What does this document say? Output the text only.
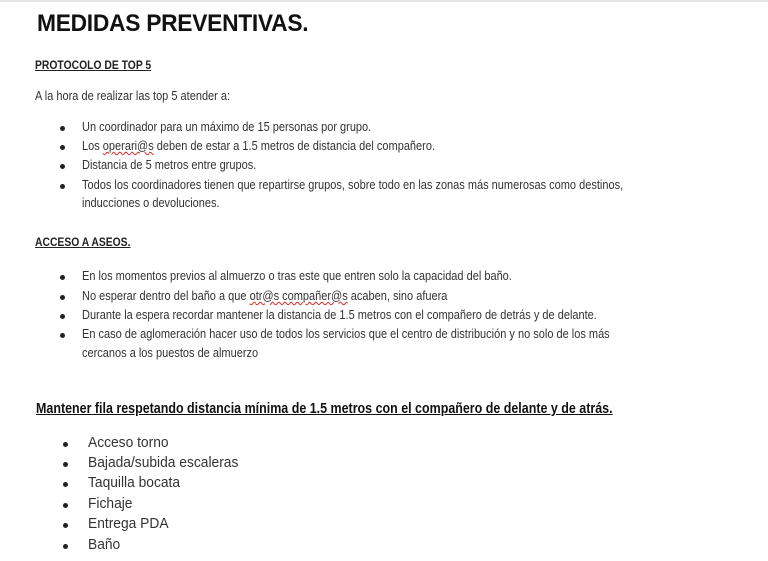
MEDIDAS PREVENTIVAS.
PROTOCOLO DE TOP 5
A la hora de realizar las top 5 atender a:
Un coordinador para un máximo de 15 personas por grupo.
Los operari@s deben de estar a 1.5 metros de distancia del compañero.
Distancia de 5 metros entre grupos.
Todos los coordinadores tienen que repartirse grupos, sobre todo en las zonas más numerosas como destinos,
inducciones o devoluciones.
ACCESO A ASEOS.
En los momentos previos al almuerzo o tras este que entren solo la capacidad del baño.
No esperar dentro del baño a que otr@s compañer@s acaben, sino afuera
Durante la espera recordar mantener la distancia de 1.5 metros con el compañero de detrás y de delante.
En caso de aglomeración hacer uso de todos los servicios que el centro de distribución y no solo de los más
cercanos a los puestos de almuerzo
Mantener fila respetando distancia mínima de 1.5 metros con el compañero de delante y de atrás.
Acceso torno
Bajada/subida escaleras
Taquilla bocata
Fichaje
Entrega PDA
Baño
